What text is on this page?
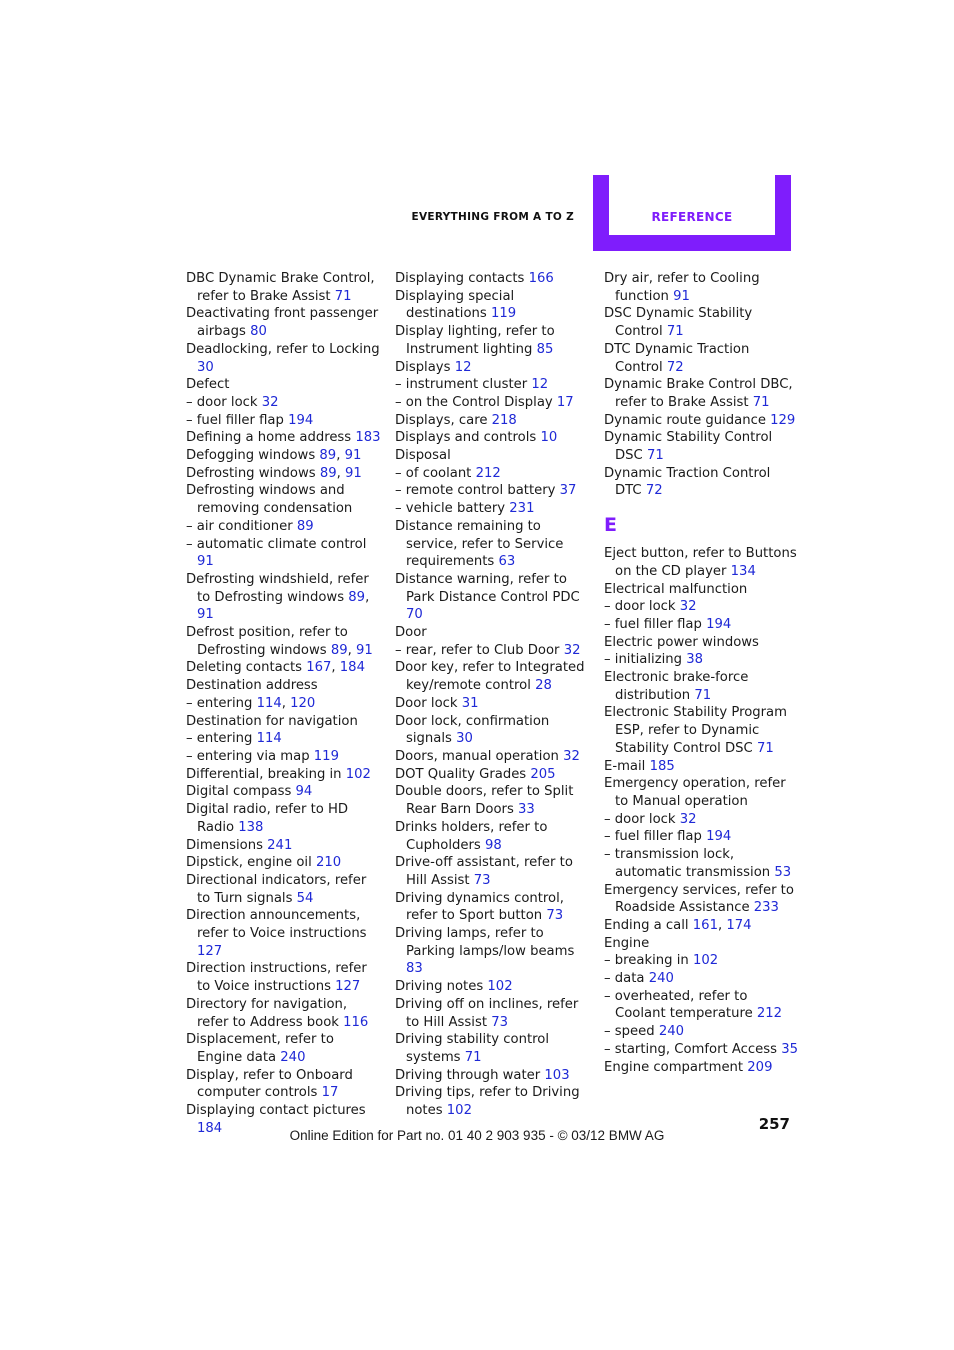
EVERYTHING FROM A TO Z	REFERENCE
DBC Dynamic Brake Control, refer to Brake Assist 71
Deactivating front passenger airbags 80
Deadlocking, refer to Locking 30
Defect
– door lock 32
– fuel filler flap 194
Defining a home address 183
Defogging windows 89, 91
Defrosting windows 89, 91
Defrosting windows and removing condensation
– air conditioner 89
– automatic climate control 91
Defrosting windshield, refer to Defrosting windows 89, 91
Defrost position, refer to Defrosting windows 89, 91
Deleting contacts 167, 184
Destination address
– entering 114, 120
Destination for navigation
– entering 114
– entering via map 119
Differential, breaking in 102
Digital compass 94
Digital radio, refer to HD Radio 138
Dimensions 241
Dipstick, engine oil 210
Directional indicators, refer to Turn signals 54
Direction announcements, refer to Voice instructions 127
Direction instructions, refer to Voice instructions 127
Directory for navigation, refer to Address book 116
Displacement, refer to Engine data 240
Display, refer to Onboard computer controls 17
Displaying contact pictures 184
Displaying contacts 166
Displaying special destinations 119
Display lighting, refer to Instrument lighting 85
Displays 12
– instrument cluster 12
– on the Control Display 17
Displays, care 218
Displays and controls 10
Disposal
– of coolant 212
– remote control battery 37
– vehicle battery 231
Distance remaining to service, refer to Service requirements 63
Distance warning, refer to Park Distance Control PDC 70
Door
– rear, refer to Club Door 32
Door key, refer to Integrated key/remote control 28
Door lock 31
Door lock, confirmation signals 30
Doors, manual operation 32
DOT Quality Grades 205
Double doors, refer to Split Rear Barn Doors 33
Drinks holders, refer to Cupholders 98
Drive-off assistant, refer to Hill Assist 73
Driving dynamics control, refer to Sport button 73
Driving lamps, refer to Parking lamps/low beams 83
Driving notes 102
Driving off on inclines, refer to Hill Assist 73
Driving stability control systems 71
Driving through water 103
Driving tips, refer to Driving notes 102
Dry air, refer to Cooling function 91
DSC Dynamic Stability Control 71
DTC Dynamic Traction Control 72
Dynamic Brake Control DBC, refer to Brake Assist 71
Dynamic route guidance 129
Dynamic Stability Control DSC 71
Dynamic Traction Control DTC 72
E
Eject button, refer to Buttons on the CD player 134
Electrical malfunction
– door lock 32
– fuel filler flap 194
Electric power windows
– initializing 38
Electronic brake-force distribution 71
Electronic Stability Program ESP, refer to Dynamic Stability Control DSC 71
E-mail 185
Emergency operation, refer to Manual operation
– door lock 32
– fuel filler flap 194
– transmission lock, automatic transmission 53
Emergency services, refer to Roadside Assistance 233
Ending a call 161, 174
Engine
– breaking in 102
– data 240
– overheated, refer to Coolant temperature 212
– speed 240
– starting, Comfort Access 35
Engine compartment 209
257
Online Edition for Part no. 01 40 2 903 935 - © 03/12 BMW AG
